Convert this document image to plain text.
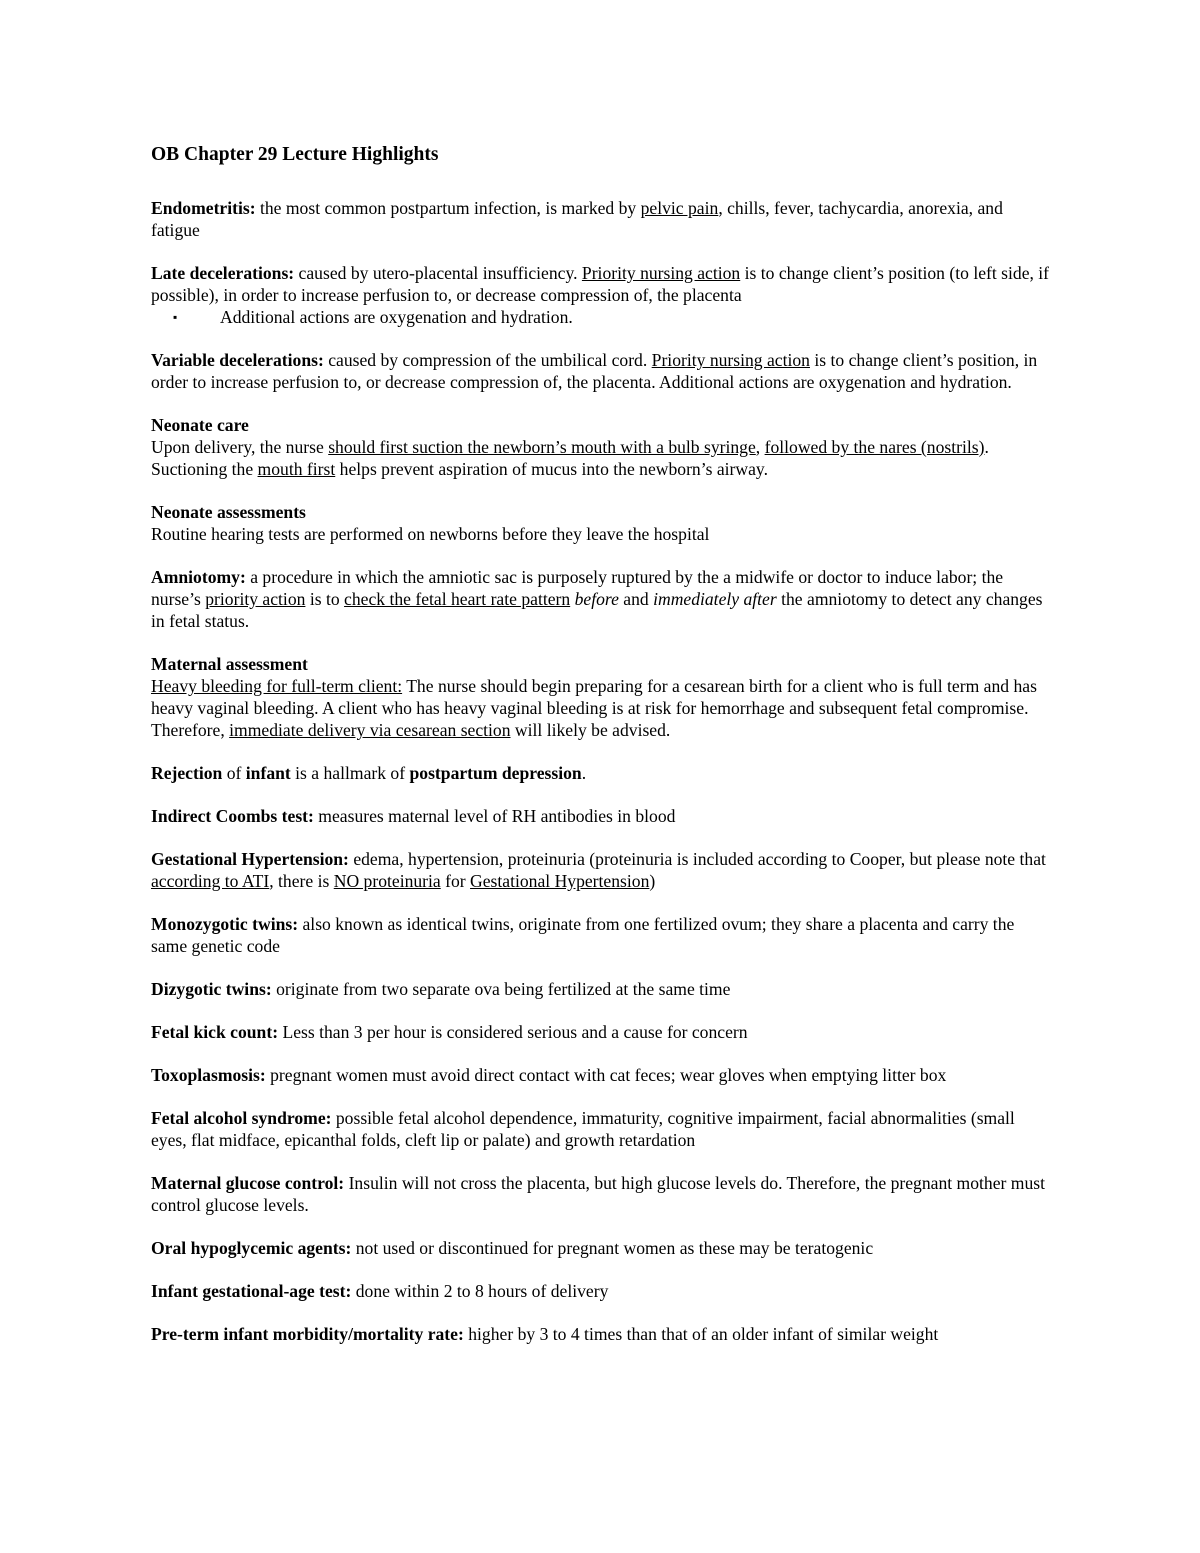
OB Chapter 29 Lecture Highlights
Endometritis: the most common postpartum infection, is marked by pelvic pain, chills, fever, tachycardia, anorexia, and fatigue
Late decelerations: caused by utero-placental insufficiency. Priority nursing action is to change client’s position (to left side, if possible), in order to increase perfusion to, or decrease compression of, the placenta
▪ Additional actions are oxygenation and hydration.
Variable decelerations: caused by compression of the umbilical cord. Priority nursing action is to change client’s position, in order to increase perfusion to, or decrease compression of, the placenta. Additional actions are oxygenation and hydration.
Neonate care
Upon delivery, the nurse should first suction the newborn’s mouth with a bulb syringe, followed by the nares (nostrils). Suctioning the mouth first helps prevent aspiration of mucus into the newborn’s airway.
Neonate assessments
Routine hearing tests are performed on newborns before they leave the hospital
Amniotomy: a procedure in which the amniotic sac is purposely ruptured by the a midwife or doctor to induce labor; the nurse’s priority action is to check the fetal heart rate pattern before and immediately after the amniotomy to detect any changes in fetal status.
Maternal assessment
Heavy bleeding for full-term client: The nurse should begin preparing for a cesarean birth for a client who is full term and has heavy vaginal bleeding. A client who has heavy vaginal bleeding is at risk for hemorrhage and subsequent fetal compromise. Therefore, immediate delivery via cesarean section will likely be advised.
Rejection of infant is a hallmark of postpartum depression.
Indirect Coombs test: measures maternal level of RH antibodies in blood
Gestational Hypertension: edema, hypertension, proteinuria (proteinuria is included according to Cooper, but please note that according to ATI, there is NO proteinuria for Gestational Hypertension)
Monozygotic twins: also known as identical twins, originate from one fertilized ovum; they share a placenta and carry the same genetic code
Dizygotic twins: originate from two separate ova being fertilized at the same time
Fetal kick count: Less than 3 per hour is considered serious and a cause for concern
Toxoplasmosis: pregnant women must avoid direct contact with cat feces; wear gloves when emptying litter box
Fetal alcohol syndrome: possible fetal alcohol dependence, immaturity, cognitive impairment, facial abnormalities (small eyes, flat midface, epicanthal folds, cleft lip or palate) and growth retardation
Maternal glucose control: Insulin will not cross the placenta, but high glucose levels do. Therefore, the pregnant mother must control glucose levels.
Oral hypoglycemic agents: not used or discontinued for pregnant women as these may be teratogenic
Infant gestational-age test: done within 2 to 8 hours of delivery
Pre-term infant morbidity/mortality rate: higher by 3 to 4 times than that of an older infant of similar weight
